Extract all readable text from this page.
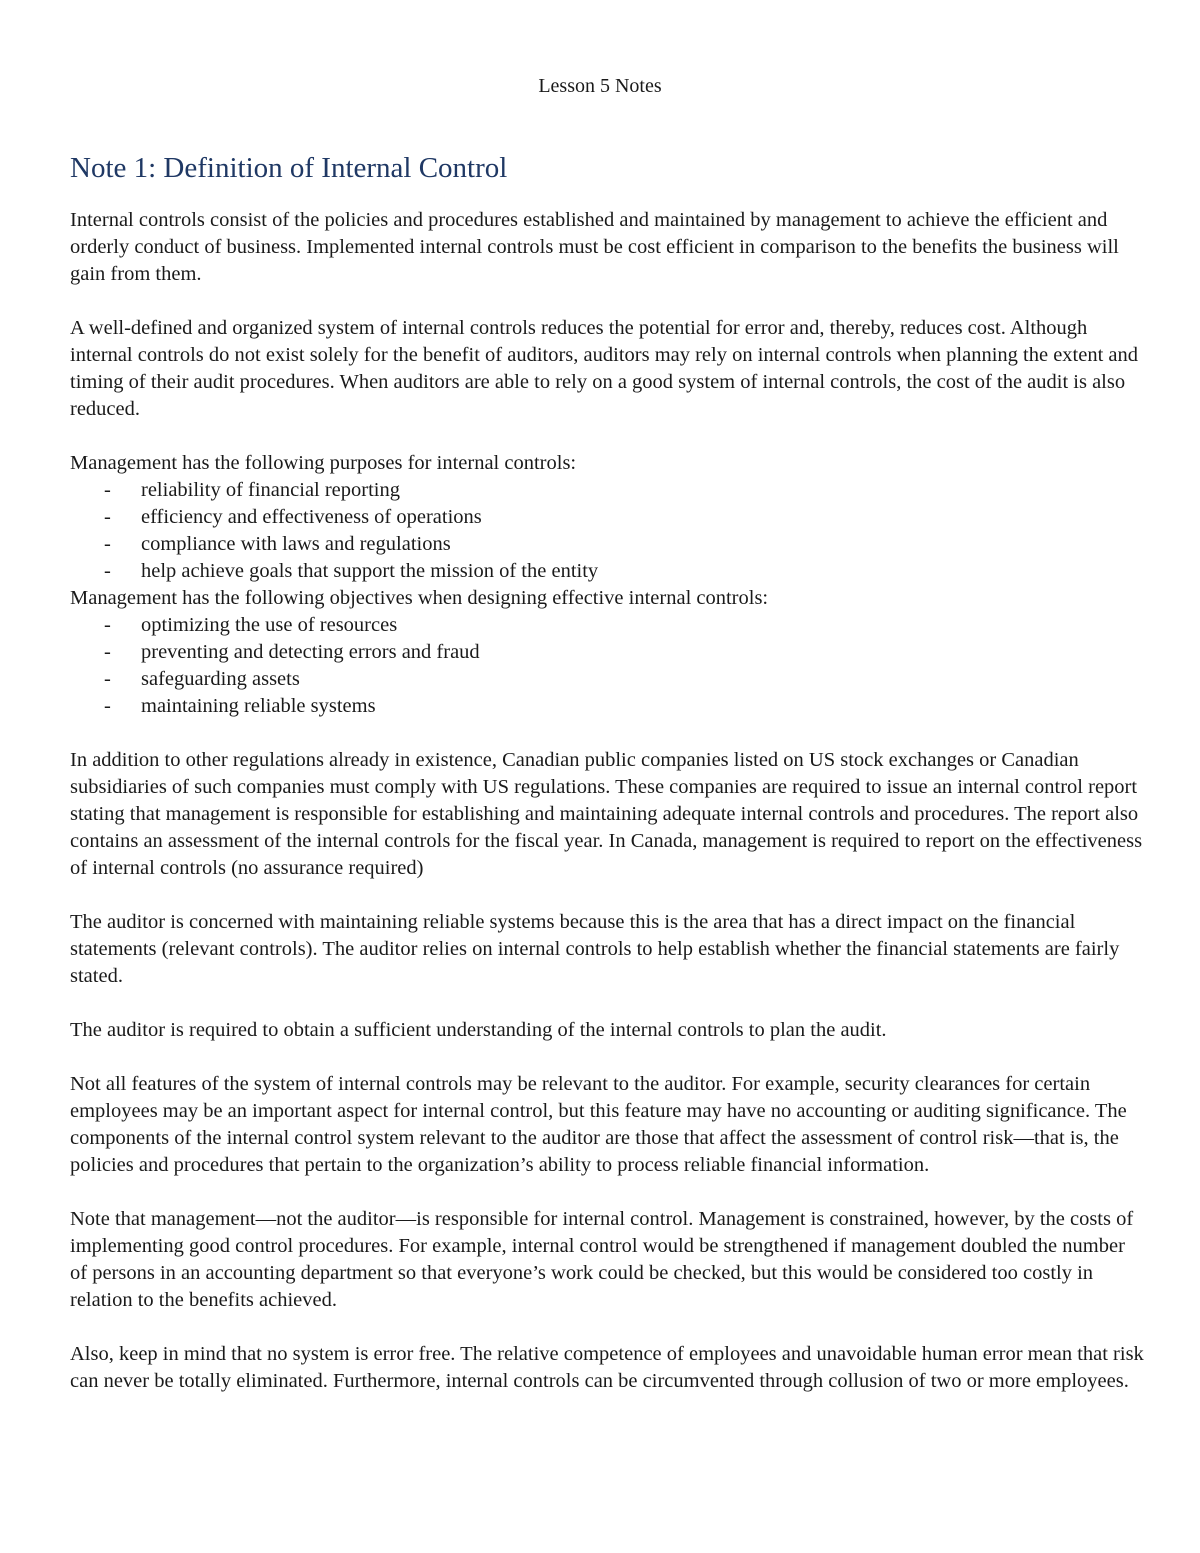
Lesson 5 Notes
Note 1: Definition of Internal Control

Internal controls consist of the policies and procedures established and maintained by management to achieve the efficient and orderly conduct of business. Implemented internal controls must be cost efficient in comparison to the benefits the business will gain from them.

A well-defined and organized system of internal controls reduces the potential for error and, thereby, reduces cost. Although internal controls do not exist solely for the benefit of auditors, auditors may rely on internal controls when planning the extent and timing of their audit procedures. When auditors are able to rely on a good system of internal controls, the cost of the audit is also reduced.

Management has the following purposes for internal controls:

- reliability of financial reporting
- efficiency and effectiveness of operations
- compliance with laws and regulations
- help achieve goals that support the mission of the entity

Management has the following objectives when designing effective internal controls:

- optimizing the use of resources
- preventing and detecting errors and fraud
- safeguarding assets
- maintaining reliable systems

In addition to other regulations already in existence, Canadian public companies listed on US stock exchanges or Canadian subsidiaries of such companies must comply with US regulations. These companies are required to issue an internal control report stating that management is responsible for establishing and maintaining adequate internal controls and procedures. The report also contains an assessment of the internal controls for the fiscal year. In Canada, management is required to report on the effectiveness of internal controls (no assurance required)

The auditor is concerned with maintaining reliable systems because this is the area that has a direct impact on the financial statements (relevant controls). The auditor relies on internal controls to help establish whether the financial statements are fairly stated.

The auditor is required to obtain a sufficient understanding of the internal controls to plan the audit.

Not all features of the system of internal controls may be relevant to the auditor. For example, security clearances for certain employees may be an important aspect for internal control, but this feature may have no accounting or auditing significance. The components of the internal control system relevant to the auditor are those that affect the assessment of control risk—that is, the policies and procedures that pertain to the organization’s ability to process reliable financial information.

Note that management—not the auditor—is responsible for internal control. Management is constrained, however, by the costs of implementing good control procedures. For example, internal control would be strengthened if management doubled the number of persons in an accounting department so that everyone’s work could be checked, but this would be considered too costly in relation to the benefits achieved.

Also, keep in mind that no system is error free. The relative competence of employees and unavoidable human error mean that risk can never be totally eliminated. Furthermore, internal controls can be circumvented through collusion of two or more employees.
